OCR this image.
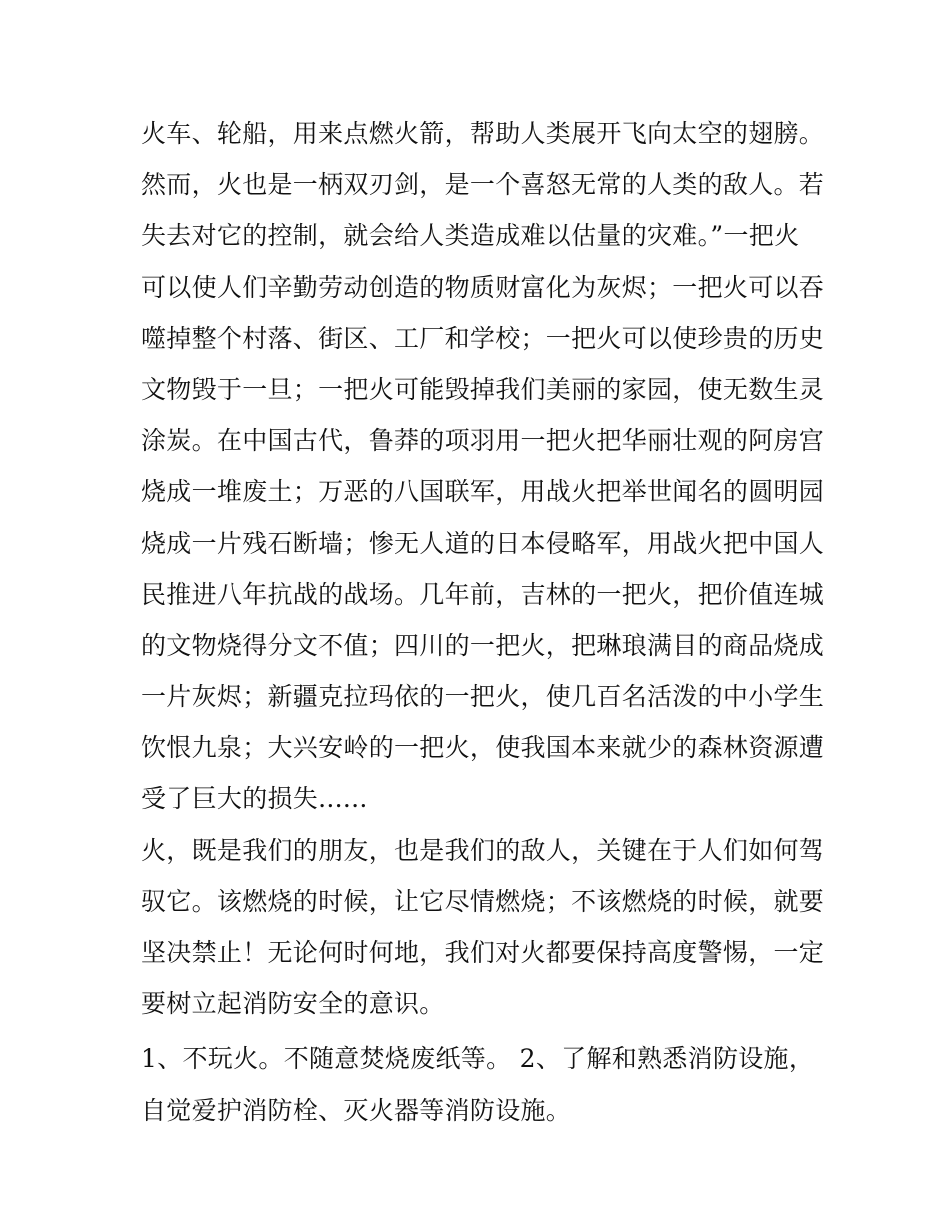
火车、轮船，用来点燃火箭，帮助人类展开飞向太空的翅膀。
然而，火也是一柄双刃剑，是一个喜怒无常的人类的敌人。若
失去对它的控制，就会给人类造成难以估量的灾难。”一把火
可以使人们辛勤劳动创造的物质财富化为灰烬；一把火可以吞
噬掉整个村落、街区、工厂和学校；一把火可以使珍贵的历史
文物毁于一旦；一把火可能毁掉我们美丽的家园，使无数生灵
涂炭。在中国古代，鲁莽的项羽用一把火把华丽壮观的阿房宫
烧成一堆废土；万恶的八国联军，用战火把举世闻名的圆明园
烧成一片残石断墙；惨无人道的日本侵略军，用战火把中国人
民推进八年抗战的战场。几年前，吉林的一把火，把价值连城
的文物烧得分文不值；四川的一把火，把琳琅满目的商品烧成
一片灰烬；新疆克拉玛依的一把火，使几百名活泼的中小学生
饮恨九泉；大兴安岭的一把火，使我国本来就少的森林资源遭
受了巨大的损失......
火，既是我们的朋友，也是我们的敌人，关键在于人们如何驾
驭它。该燃烧的时候，让它尽情燃烧；不该燃烧的时候，就要
坚决禁止！无论何时何地，我们对火都要保持高度警惕，一定
要树立起消防安全的意识。
1、不玩火。不随意焚烧废纸等。 2、了解和熟悉消防设施，
自觉爱护消防栓、灭火器等消防设施。
